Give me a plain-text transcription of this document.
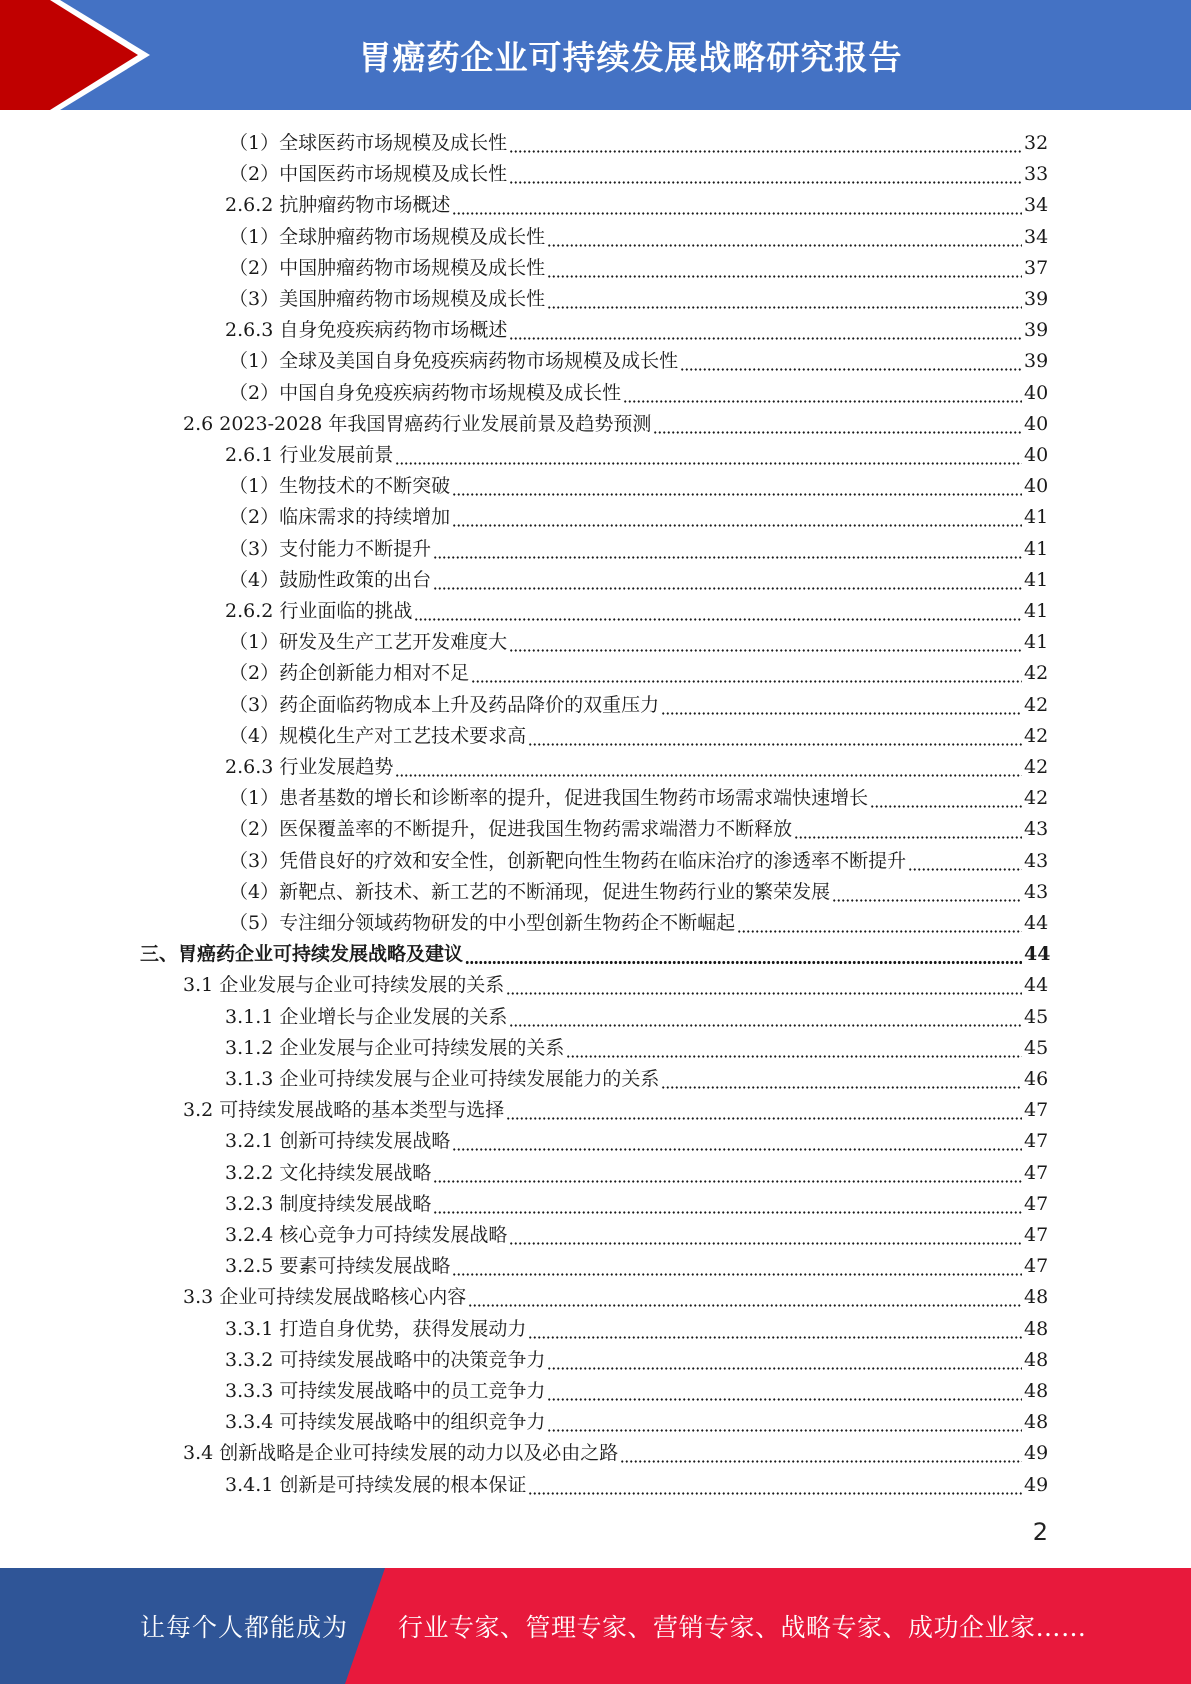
胃癌药企业可持续发展战略研究报告
（1）全球医药市场规模及成长性	32
（2）中国医药市场规模及成长性	33
2.6.2 抗肿瘤药物市场概述	34
（1）全球肿瘤药物市场规模及成长性	34
（2）中国肿瘤药物市场规模及成长性	37
（3）美国肿瘤药物市场规模及成长性	39
2.6.3 自身免疫疾病药物市场概述	39
（1）全球及美国自身免疫疾病药物市场规模及成长性	39
（2）中国自身免疫疾病药物市场规模及成长性	40
2.6 2023-2028 年我国胃癌药行业发展前景及趋势预测	40
2.6.1 行业发展前景	40
（1）生物技术的不断突破	40
（2）临床需求的持续增加	41
（3）支付能力不断提升	41
（4）鼓励性政策的出台	41
2.6.2 行业面临的挑战	41
（1）研发及生产工艺开发难度大	41
（2）药企创新能力相对不足	42
（3）药企面临药物成本上升及药品降价的双重压力	42
（4）规模化生产对工艺技术要求高	42
2.6.3 行业发展趋势	42
（1）患者基数的增长和诊断率的提升，促进我国生物药市场需求端快速增长	42
（2）医保覆盖率的不断提升，促进我国生物药需求端潜力不断释放	43
（3）凭借良好的疗效和安全性，创新靶向性生物药在临床治疗的渗透率不断提升	43
（4）新靶点、新技术、新工艺的不断涌现，促进生物药行业的繁荣发展	43
（5）专注细分领域药物研发的中小型创新生物药企不断崛起	44
三、胃癌药企业可持续发展战略及建议	44
3.1 企业发展与企业可持续发展的关系	44
3.1.1 企业增长与企业发展的关系	45
3.1.2 企业发展与企业可持续发展的关系	45
3.1.3 企业可持续发展与企业可持续发展能力的关系	46
3.2 可持续发展战略的基本类型与选择	47
3.2.1 创新可持续发展战略	47
3.2.2 文化持续发展战略	47
3.2.3 制度持续发展战略	47
3.2.4 核心竞争力可持续发展战略	47
3.2.5 要素可持续发展战略	47
3.3 企业可持续发展战略核心内容	48
3.3.1 打造自身优势，获得发展动力	48
3.3.2 可持续发展战略中的决策竞争力	48
3.3.3 可持续发展战略中的员工竞争力	48
3.3.4 可持续发展战略中的组织竞争力	48
3.4 创新战略是企业可持续发展的动力以及必由之路	49
3.4.1 创新是可持续发展的根本保证	49
2
让每个人都能成为 行业专家、管理专家、营销专家、战略专家、成功企业家……
